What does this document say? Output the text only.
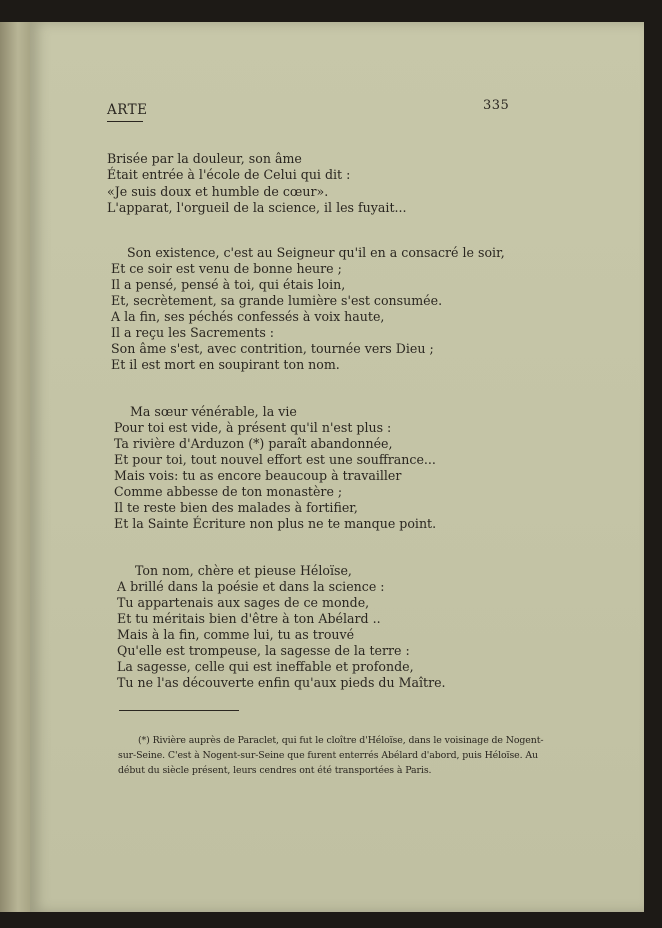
ARTE	335
Brisée par la douleur, son âme
Était entrée à l'école de Celui qui dit :
«Je suis doux et humble de cœur».
L'apparat, l'orgueil de la science, il les fuyait...
Son existence, c'est au Seigneur qu'il en a consacré le soir,
Et ce soir est venu de bonne heure ;
Il a pensé, pensé à toi, qui étais loin,
Et, secrètement, sa grande lumière s'est consumée.
A la fin, ses péchés confessés à voix haute,
Il a reçu les Sacrements :
Son âme s'est, avec contrition, tournée vers Dieu ;
Et il est mort en soupirant ton nom.
Ma sœur vénérable, la vie
Pour toi est vide, à présent qu'il n'est plus :
Ta rivière d'Arduzon (*) paraît abandonnée,
Et pour toi, tout nouvel effort est une souffrance...
Mais vois: tu as encore beaucoup à travailler
Comme abbesse de ton monastère ;
Il te reste bien des malades à fortifier,
Et la Sainte Écriture non plus ne te manque point.
Ton nom, chère et pieuse Héloïse,
A brillé dans la poésie et dans la science :
Tu appartenais aux sages de ce monde,
Et tu méritais bien d'être à ton Abélard ..
Mais à la fin, comme lui, tu as trouvé
Qu'elle est trompeuse, la sagesse de la terre :
La sagesse, celle qui est ineffable et profonde,
Tu ne l'as découverte enfin qu'aux pieds du Maître.
(*) Rivière auprès de Paraclet, qui fut le cloître d'Héloïse, dans le voisinage de Nogent-
sur-Seine. C'est à Nogent-sur-Seine que furent enterrés Abélard d'abord, puis Héloïse. Au
début du siècle présent, leurs cendres ont été transportées à Paris.
